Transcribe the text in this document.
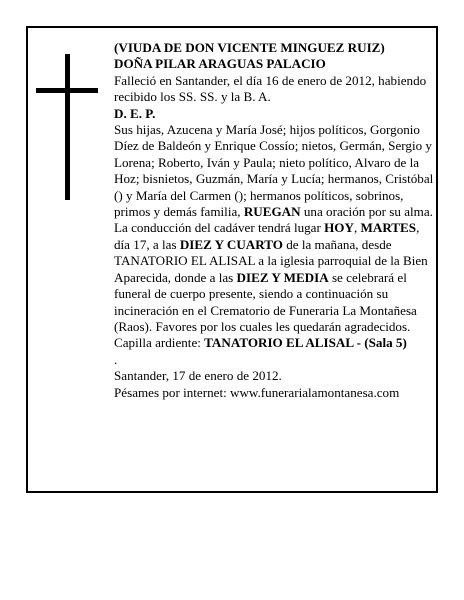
(VIUDA DE DON VICENTE MINGUEZ RUIZ)

DOÑA PILAR ARAGUAS PALACIO

Falleció en Santander, el día 16 de enero de 2012, habiendo recibido los SS. SS. y la B. A.

D. E. P.

Sus hijas, Azucena y María José; hijos políticos, Gorgonio Díez de Baldeón y Enrique Cossío; nietos, Germán, Sergio y Lorena; Roberto, Iván y Paula; nieto político, Alvaro de la Hoz; bisnietos, Guzmán, María y Lucía; hermanos, Cristóbal () y María del Carmen (); hermanos políticos, sobrinos, primos y demás familia, RUEGAN una oración por su alma. La conducción del cadáver tendrá lugar HOY, MARTES, día 17, a las DIEZ Y CUARTO de la mañana, desde TANATORIO EL ALISAL a la iglesia parroquial de la Bien Aparecida, donde a las DIEZ Y MEDIA se celebrará el funeral de cuerpo presente, siendo a continuación su incineración en el Crematorio de Funeraria La Montañesa (Raos). Favores por los cuales les quedarán agradecidos.

Capilla ardiente: TANATORIO EL ALISAL - (Sala 5)

.

Santander, 17 de enero de 2012.

Pésames por internet: www.funerarialamontanesa.com
